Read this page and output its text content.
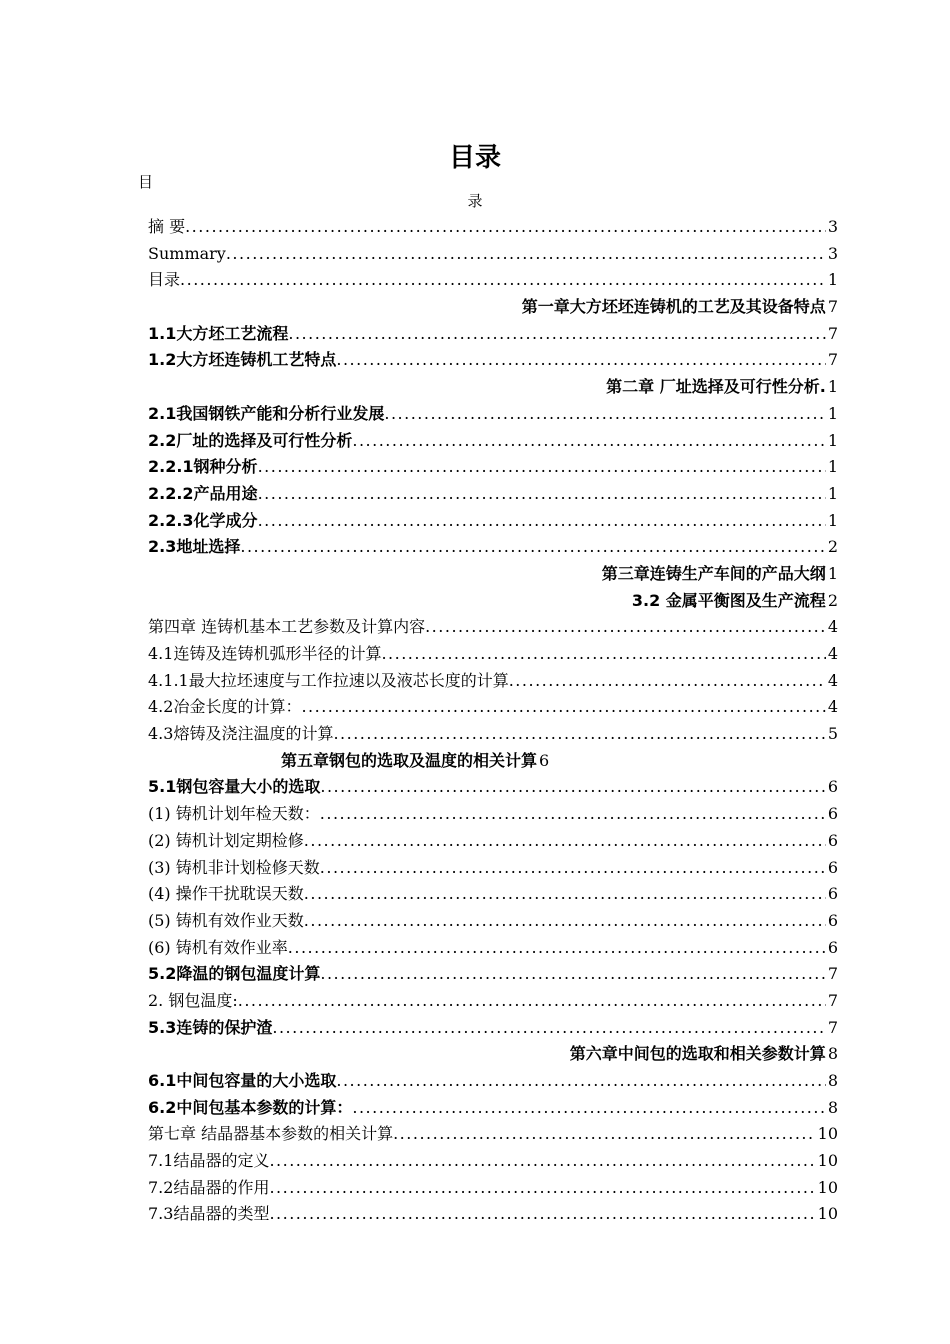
目录
目
录
摘 要 .....	3
Summary .....	3
目录 .....	1
第一章大方坯坯连铸机的工艺及其设备特点 7
1.1大方坯工艺流程 .....	7
1.2大方坯连铸机工艺特点 .....	7
第二章 厂址选择及可行性分析. 1
2.1我国钢铁产能和分析行业发展 .....	1
2.2厂址的选择及可行性分析 .....	1
2.2.1钢种分析 .....	1
2.2.2产品用途 .....	1
2.2.3化学成分 .....	1
2.3地址选择 .....	2
第三章连铸生产车间的产品大纲 1
3.2 金属平衡图及生产流程 2
第四章 连铸机基本工艺参数及计算内容 .....	4
4.1连铸及连铸机弧形半径的计算 .....	4
4.1.1最大拉坯速度与工作拉速以及液芯长度的计算 .....	4
4.2冶金长度的计算： .....	4
4.3熔铸及浇注温度的计算 .....	5
第五章钢包的选取及温度的相关计算 6
5.1钢包容量大小的选取 .....	6
(1) 铸机计划年检天数： .....	6
(2) 铸机计划定期检修 .....	6
(3) 铸机非计划检修天数 .....	6
(4) 操作干扰耽误天数 .....	6
(5) 铸机有效作业天数 .....	6
(6) 铸机有效作业率 .....	6
5.2降温的钢包温度计算 .....	7
2. 钢包温度: .....	7
5.3连铸的保护渣 .....	7
第六章中间包的选取和相关参数计算 8
6.1中间包容量的大小选取 .....	8
6.2中间包基本参数的计算： .....	8
第七章 结晶器基本参数的相关计算 .....	10
7.1结晶器的定义 .....	10
7.2结晶器的作用 .....	10
7.3结晶器的类型 .....	10
